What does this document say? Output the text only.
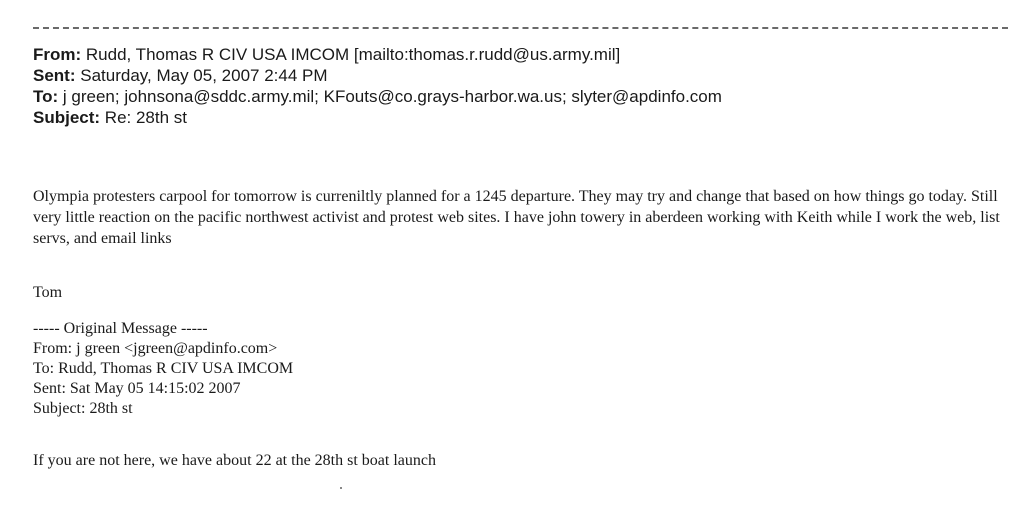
From: Rudd, Thomas R CIV USA IMCOM [mailto:thomas.r.rudd@us.army.mil]
Sent: Saturday, May 05, 2007 2:44 PM
To: j green; johnsona@sddc.army.mil; KFouts@co.grays-harbor.wa.us; slyter@apdinfo.com
Subject: Re: 28th st

Olympia protesters carpool for tomorrow is curreniltly planned for a 1245 departure. They may try and change that based on how things go today. Still very little reaction on the pacific northwest activist and protest web sites. I have john towery in aberdeen working with Keith while I work the web, list servs, and email links

Tom
----- Original Message -----
From: j green <jgreen@apdinfo.com>
To: Rudd, Thomas R CIV USA IMCOM
Sent: Sat May 05 14:15:02 2007
Subject: 28th st
If you are not here, we have about 22 at the 28th st boat launch
